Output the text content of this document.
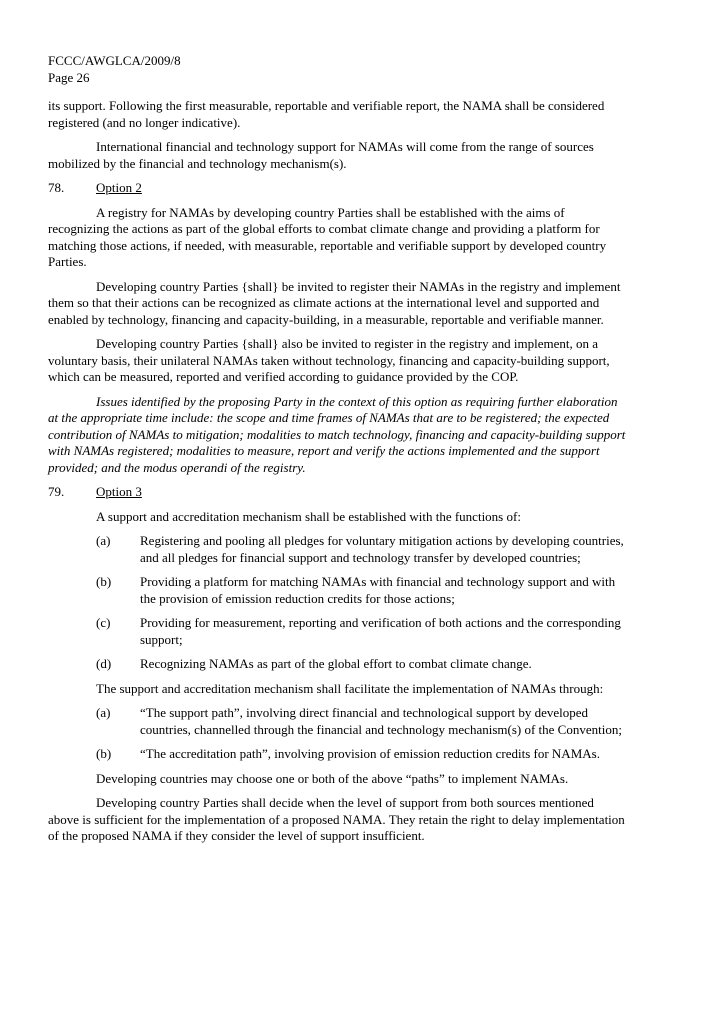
FCCC/AWGLCA/2009/8
Page 26

its support. Following the first measurable, reportable and verifiable report, the NAMA shall be considered registered (and no longer indicative).

International financial and technology support for NAMAs will come from the range of sources mobilized by the financial and technology mechanism(s).

78.	Option 2

A registry for NAMAs by developing country Parties shall be established with the aims of recognizing the actions as part of the global efforts to combat climate change and providing a platform for matching those actions, if needed, with measurable, reportable and verifiable support by developed country Parties.

Developing country Parties {shall} be invited to register their NAMAs in the registry and implement them so that their actions can be recognized as climate actions at the international level and supported and enabled by technology, financing and capacity-building, in a measurable, reportable and verifiable manner.

Developing country Parties {shall} also be invited to register in the registry and implement, on a voluntary basis, their unilateral NAMAs taken without technology, financing and capacity-building support, which can be measured, reported and verified according to guidance provided by the COP.

Issues identified by the proposing Party in the context of this option as requiring further elaboration at the appropriate time include: the scope and time frames of NAMAs that are to be registered; the expected contribution of NAMAs to mitigation; modalities to match technology, financing and capacity-building support with NAMAs registered; modalities to measure, report and verify the actions implemented and the support provided; and the modus operandi of the registry.

79.	Option 3

A support and accreditation mechanism shall be established with the functions of:

(a)	Registering and pooling all pledges for voluntary mitigation actions by developing countries, and all pledges for financial support and technology transfer by developed countries;
(b)	Providing a platform for matching NAMAs with financial and technology support and with the provision of emission reduction credits for those actions;
(c)	Providing for measurement, reporting and verification of both actions and the corresponding support;
(d)	Recognizing NAMAs as part of the global effort to combat climate change.

The support and accreditation mechanism shall facilitate the implementation of NAMAs through:

(a)	“The support path”, involving direct financial and technological support by developed countries, channelled through the financial and technology mechanism(s) of the Convention;
(b)	“The accreditation path”, involving provision of emission reduction credits for NAMAs.

Developing countries may choose one or both of the above “paths” to implement NAMAs.

Developing country Parties shall decide when the level of support from both sources mentioned above is sufficient for the implementation of a proposed NAMA. They retain the right to delay implementation of the proposed NAMA if they consider the level of support insufficient.
